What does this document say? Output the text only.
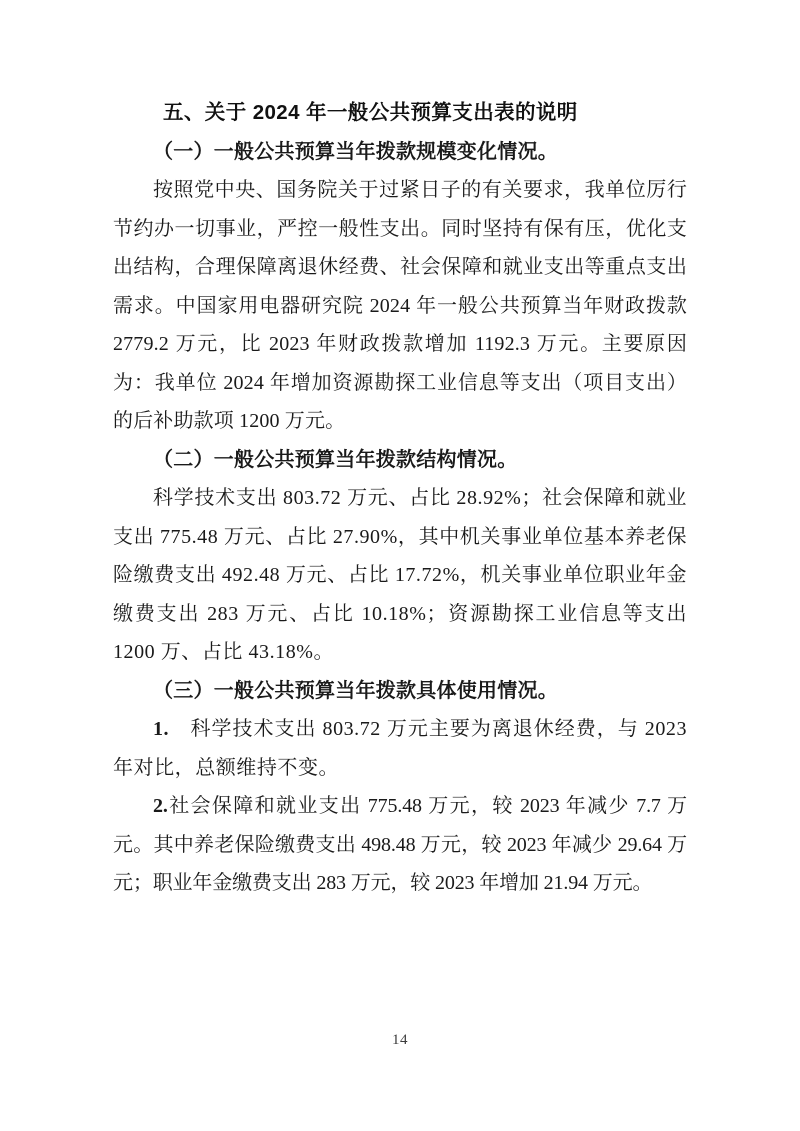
五、关于 2024 年一般公共预算支出表的说明
（一）一般公共预算当年拨款规模变化情况。

按照党中央、国务院关于过紧日子的有关要求，我单位厉行节约办一切事业，严控一般性支出。同时坚持有保有压，优化支出结构，合理保障离退休经费、社会保障和就业支出等重点支出需求。中国家用电器研究院 2024 年一般公共预算当年财政拨款 2779.2 万元，比 2023 年财政拨款增加 1192.3 万元。主要原因为：我单位 2024 年增加资源勘探工业信息等支出（项目支出）的后补助款项 1200 万元。

（二）一般公共预算当年拨款结构情况。

科学技术支出 803.72 万元、占比 28.92%；社会保障和就业支出 775.48 万元、占比 27.90%，其中机关事业单位基本养老保险缴费支出 492.48 万元、占比 17.72%，机关事业单位职业年金缴费支出 283 万元、占比 10.18%；资源勘探工业信息等支出 1200 万、占比 43.18%。

（三）一般公共预算当年拨款具体使用情况。

1.　科学技术支出 803.72 万元主要为离退休经费，与 2023 年对比，总额维持不变。

2.社会保障和就业支出 775.48 万元，较 2023 年减少 7.7 万元。其中养老保险缴费支出 498.48 万元，较 2023 年减少 29.64 万元；职业年金缴费支出 283 万元，较 2023 年增加 21.94 万元。

14
